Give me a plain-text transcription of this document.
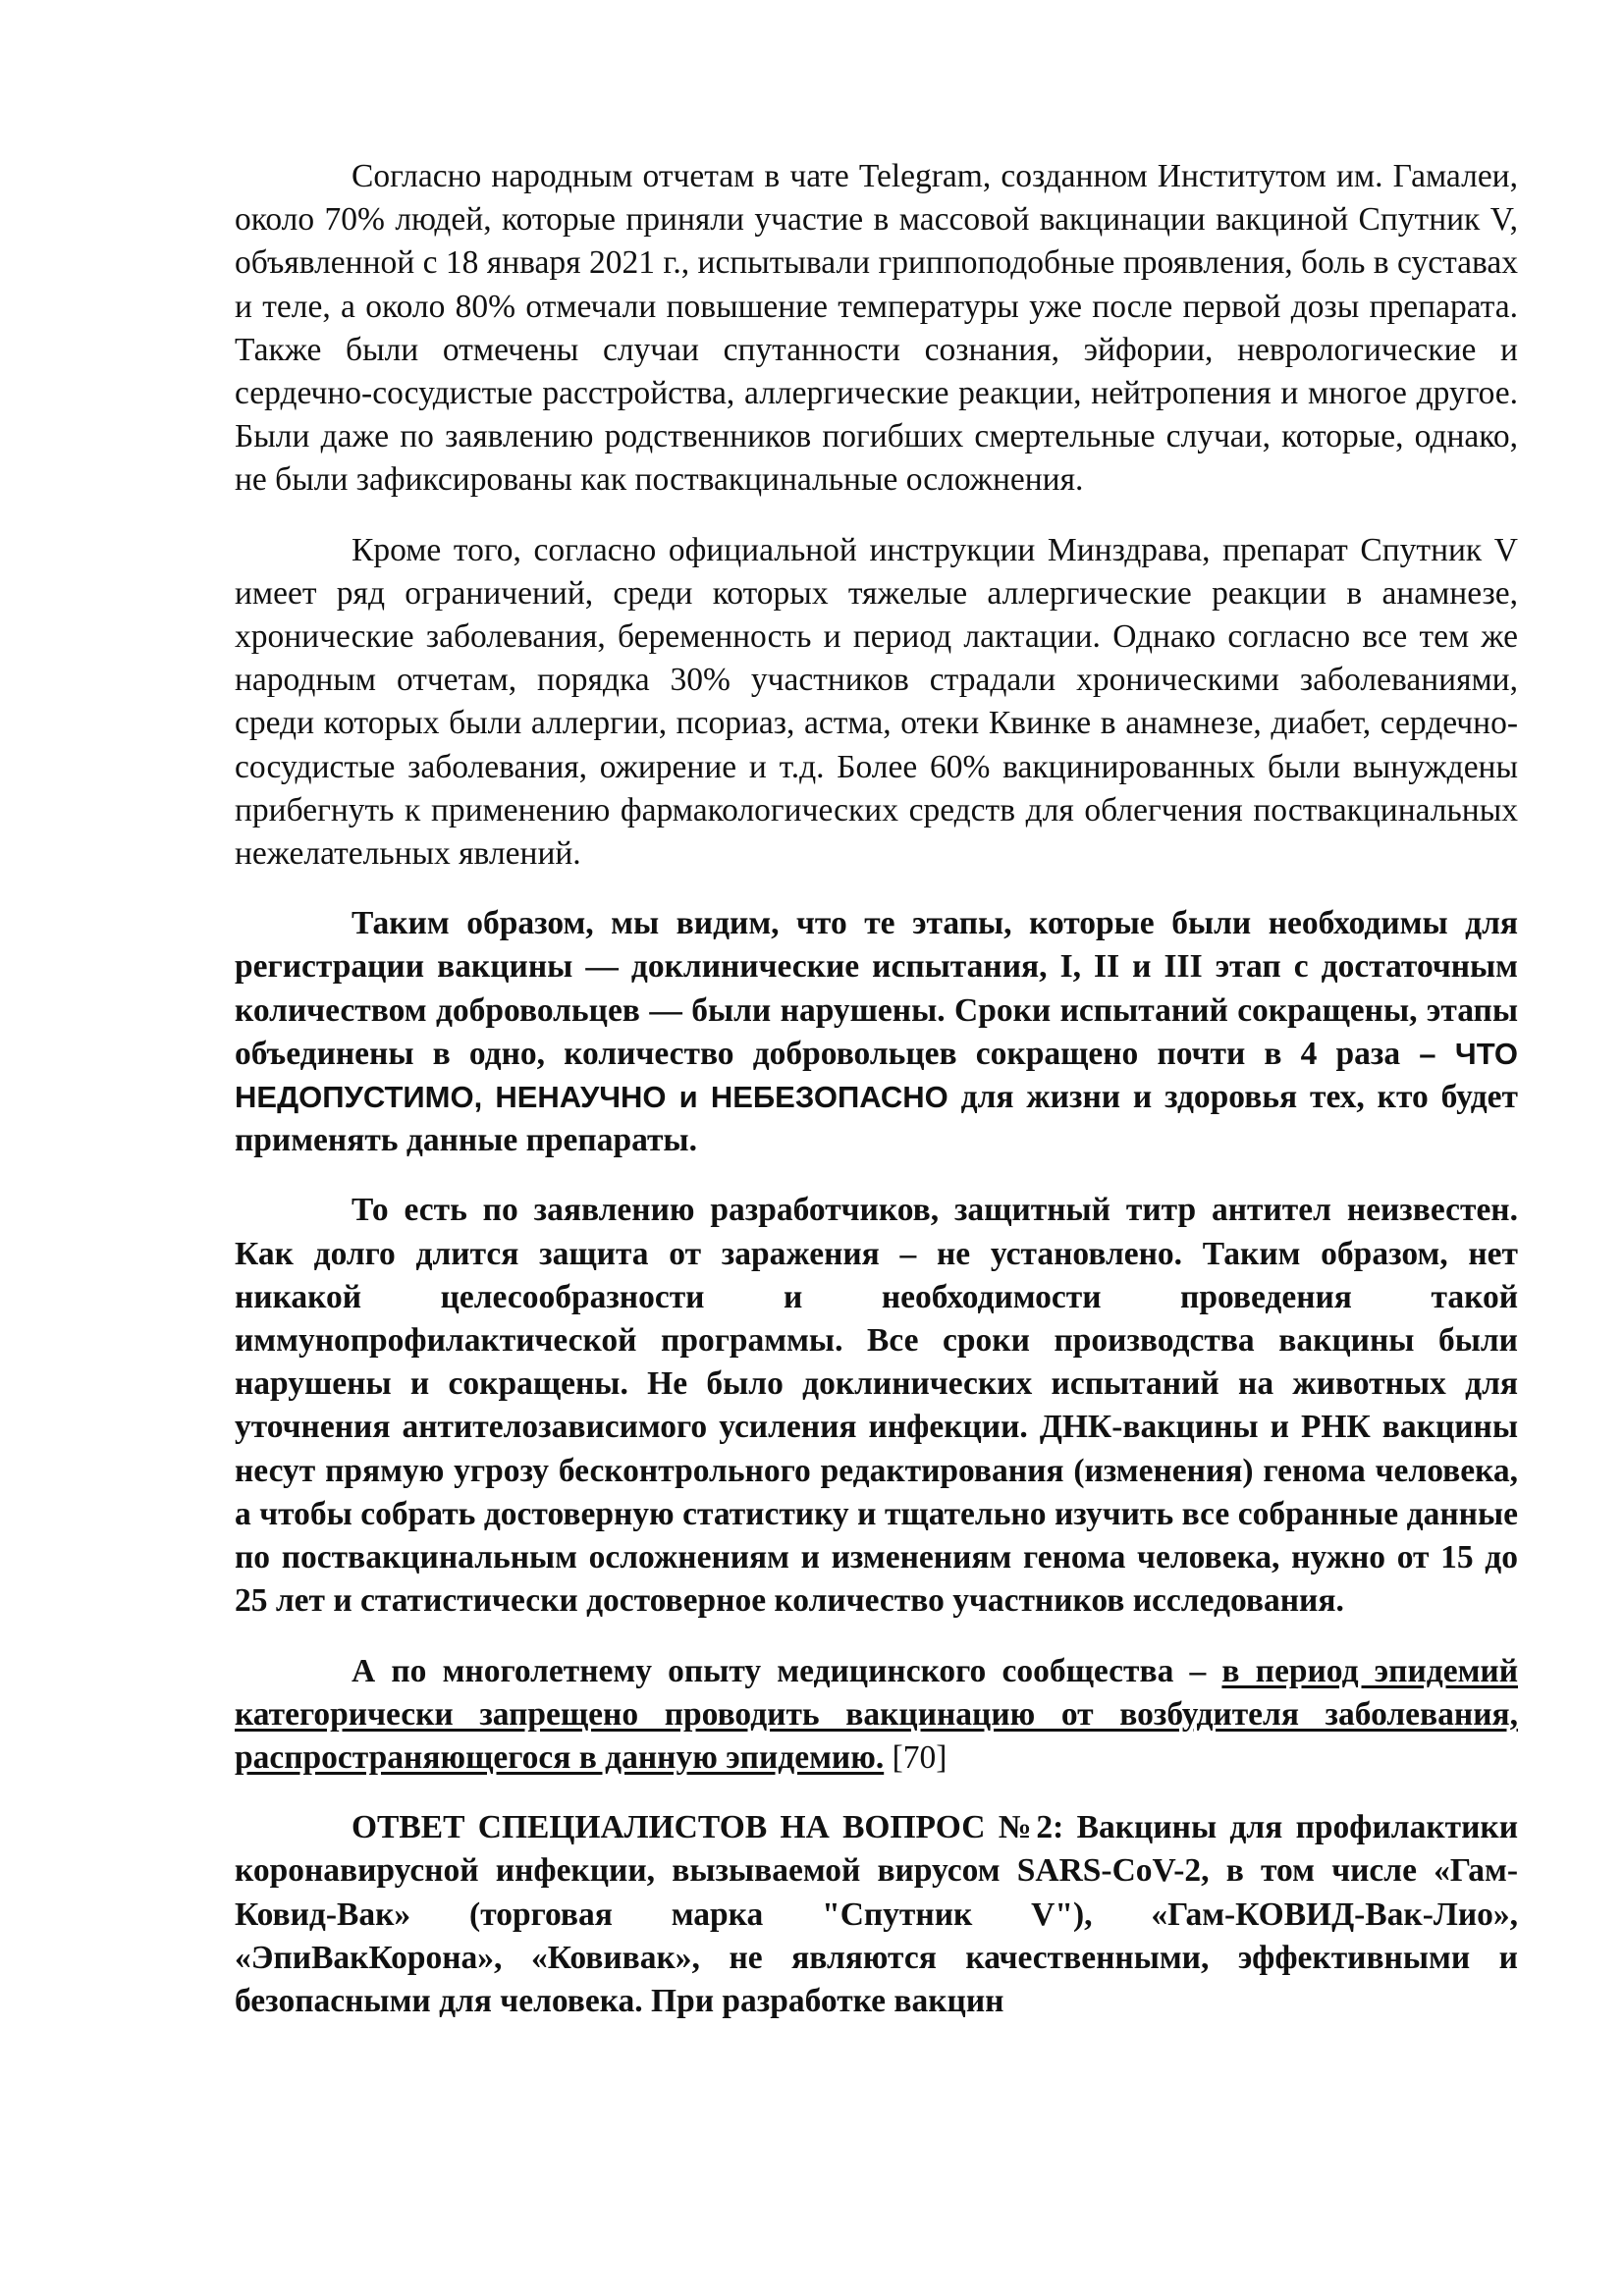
Согласно народным отчетам в чате Telegram, созданном Институтом им. Гамалеи, около 70% людей, которые приняли участие в массовой вакцинации вакциной Спутник V, объявленной с 18 января 2021 г., испытывали гриппоподобные проявления, боль в суставах и теле, а около 80% отмечали повышение температуры уже после первой дозы препарата. Также были отмечены случаи спутанности сознания, эйфории, неврологические и сердечно-сосудистые расстройства, аллергические реакции, нейтропения и многое другое. Были даже по заявлению родственников погибших смертельные случаи, которые, однако, не были зафиксированы как поствакцинальные осложнения.

Кроме того, согласно официальной инструкции Минздрава, препарат Спутник V имеет ряд ограничений, среди которых тяжелые аллергические реакции в анамнезе, хронические заболевания, беременность и период лактации. Однако согласно все тем же народным отчетам, порядка 30% участников страдали хроническими заболеваниями, среди которых были аллергии, псориаз, астма, отеки Квинке в анамнезе, диабет, сердечно-сосудистые заболевания, ожирение и т.д. Более 60% вакцинированных были вынуждены прибегнуть к применению фармакологических средств для облегчения поствакцинальных нежелательных явлений.

Таким образом, мы видим, что те этапы, которые были необходимы для регистрации вакцины — доклинические испытания, I, II и III этап с достаточным количеством добровольцев — были нарушены. Сроки испытаний сокращены, этапы объединены в одно, количество добровольцев сокращено почти в 4 раза – ЧТО НЕДОПУСТИМО, НЕНАУЧНО и НЕБЕЗОПАСНО для жизни и здоровья тех, кто будет применять данные препараты.

То есть по заявлению разработчиков, защитный титр антител неизвестен. Как долго длится защита от заражения – не установлено. Таким образом, нет никакой целесообразности и необходимости проведения такой иммунопрофилактической программы. Все сроки производства вакцины были нарушены и сокращены. Не было доклинических испытаний на животных для уточнения антителозависимого усиления инфекции. ДНК-вакцины и РНК вакцины несут прямую угрозу бесконтрольного редактирования (изменения) генома человека, а чтобы собрать достоверную статистику и тщательно изучить все собранные данные по поствакцинальным осложнениям и изменениям генома человека, нужно от 15 до 25 лет и статистически достоверное количество участников исследования.

А по многолетнему опыту медицинского сообщества – в период эпидемий категорически запрещено проводить вакцинацию от возбудителя заболевания, распространяющегося в данную эпидемию. [70]

ОТВЕТ СПЕЦИАЛИСТОВ НА ВОПРОС №2: Вакцины для профилактики коронавирусной инфекции, вызываемой вирусом SARS-CoV-2, в том числе «Гам-Ковид-Вак» (торговая марка "Спутник V"), «Гам-КОВИД-Вак-Лио», «ЭпиВакКорона», «Ковивак», не являются качественными, эффективными и безопасными для человека. При разработке вакцин
